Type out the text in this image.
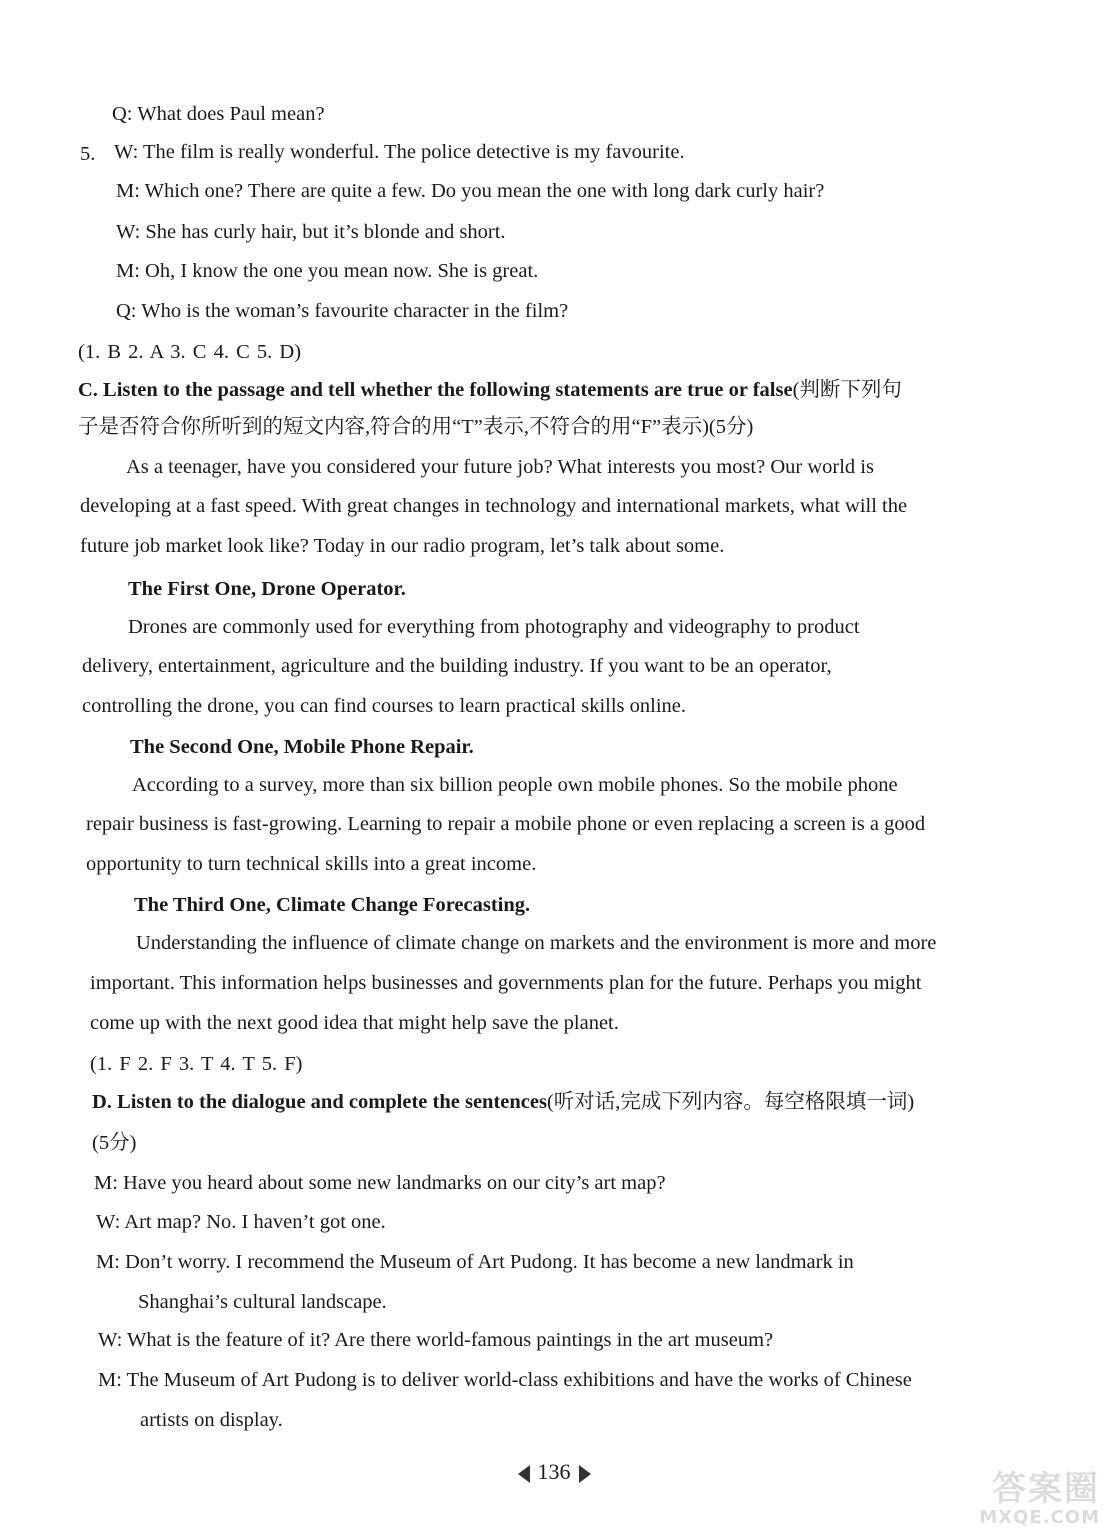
Q: What does Paul mean?
5. W: The film is really wonderful. The police detective is my favourite.
M: Which one? There are quite a few. Do you mean the one with long dark curly hair?
W: She has curly hair, but it’s blonde and short.
M: Oh, I know the one you mean now. She is great.
Q: Who is the woman’s favourite character in the film?
(1. B 2. A 3. C 4. C 5. D)
C. Listen to the passage and tell whether the following statements are true or false(判断下列句
子是否符合你所听到的短文内容,符合的用“T”表示,不符合的用“F”表示)(5分)
As a teenager, have you considered your future job? What interests you most? Our world is
developing at a fast speed. With great changes in technology and international markets, what will the
future job market look like? Today in our radio program, let’s talk about some.
The First One, Drone Operator.
Drones are commonly used for everything from photography and videography to product
delivery, entertainment, agriculture and the building industry. If you want to be an operator,
controlling the drone, you can find courses to learn practical skills online.
The Second One, Mobile Phone Repair.
According to a survey, more than six billion people own mobile phones. So the mobile phone
repair business is fast-growing. Learning to repair a mobile phone or even replacing a screen is a good
opportunity to turn technical skills into a great income.
The Third One, Climate Change Forecasting.
Understanding the influence of climate change on markets and the environment is more and more
important. This information helps businesses and governments plan for the future. Perhaps you might
come up with the next good idea that might help save the planet.
(1. F 2. F 3. T 4. T 5. F)
D. Listen to the dialogue and complete the sentences(听对话,完成下列内容。每空格限填一词)
(5分)
M: Have you heard about some new landmarks on our city’s art map?
W: Art map? No. I haven’t got one.
M: Don’t worry. I recommend the Museum of Art Pudong. It has become a new landmark in
Shanghai’s cultural landscape.
W: What is the feature of it? Are there world-famous paintings in the art museum?
M: The Museum of Art Pudong is to deliver world-class exhibitions and have the works of Chinese
artists on display.
136	答案圈
MXQE.COM
